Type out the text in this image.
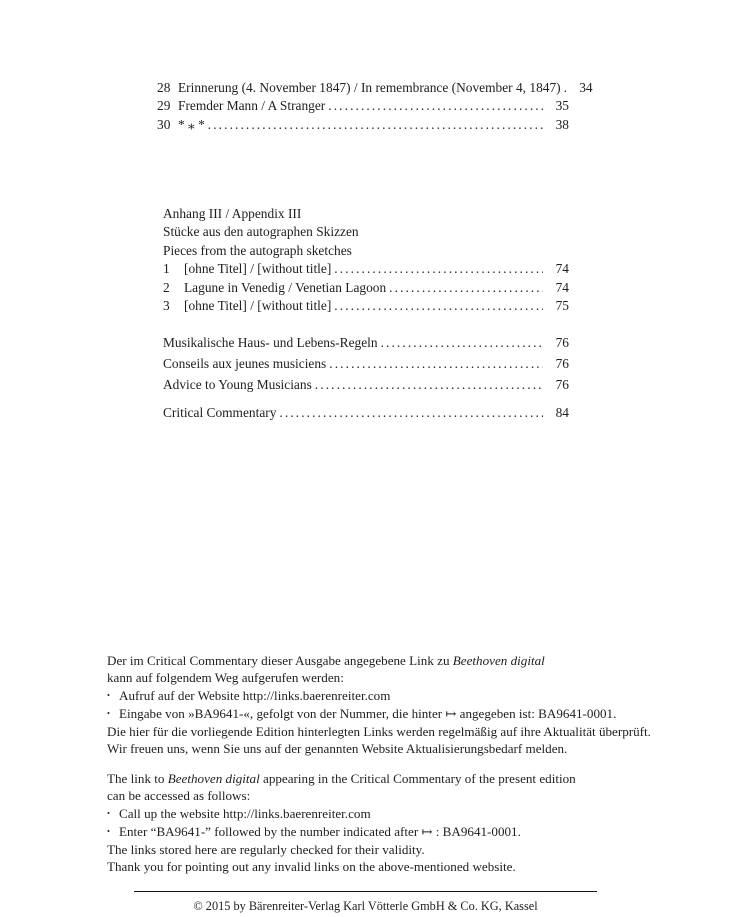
28 Erinnerung (4. November 1847) / In remembrance (November 4, 1847) .....	34
29 Fremder Mann / A Stranger .....	35
30 * ⁎ * .....	38
Anhang III / Appendix III
Stücke aus den autographen Skizzen
Pieces from the autograph sketches
1	[ohne Titel] / [without title] .....	74
2	Lagune in Venedig / Venetian Lagoon .....	74
3	[ohne Titel] / [without title] .....	75
Musikalische Haus- und Lebens-Regeln .....	76
Conseils aux jeunes musiciens .....	76
Advice to Young Musicians .....	76
Critical Commentary .....	84
Der im Critical Commentary dieser Ausgabe angegebene Link zu Beethoven digital
kann auf folgendem Weg aufgerufen werden:
• Aufruf auf der Website http://links.baerenreiter.com
• Eingabe von »BA9641-«, gefolgt von der Nummer, die hinter ↦ angegeben ist: BA9641-0001.
Die hier für die vorliegende Edition hinterlegten Links werden regelmäßig auf ihre Aktualität überprüft.
Wir freuen uns, wenn Sie uns auf der genannten Website Aktualisierungsbedarf melden.
The link to Beethoven digital appearing in the Critical Commentary of the present edition
can be accessed as follows:
• Call up the website http://links.baerenreiter.com
• Enter “BA9641-” followed by the number indicated after ↦ : BA9641-0001.
The links stored here are regularly checked for their validity.
Thank you for pointing out any invalid links on the above-mentioned website.
© 2015 by Bärenreiter-Verlag Karl Vötterle GmbH & Co. KG, Kassel
